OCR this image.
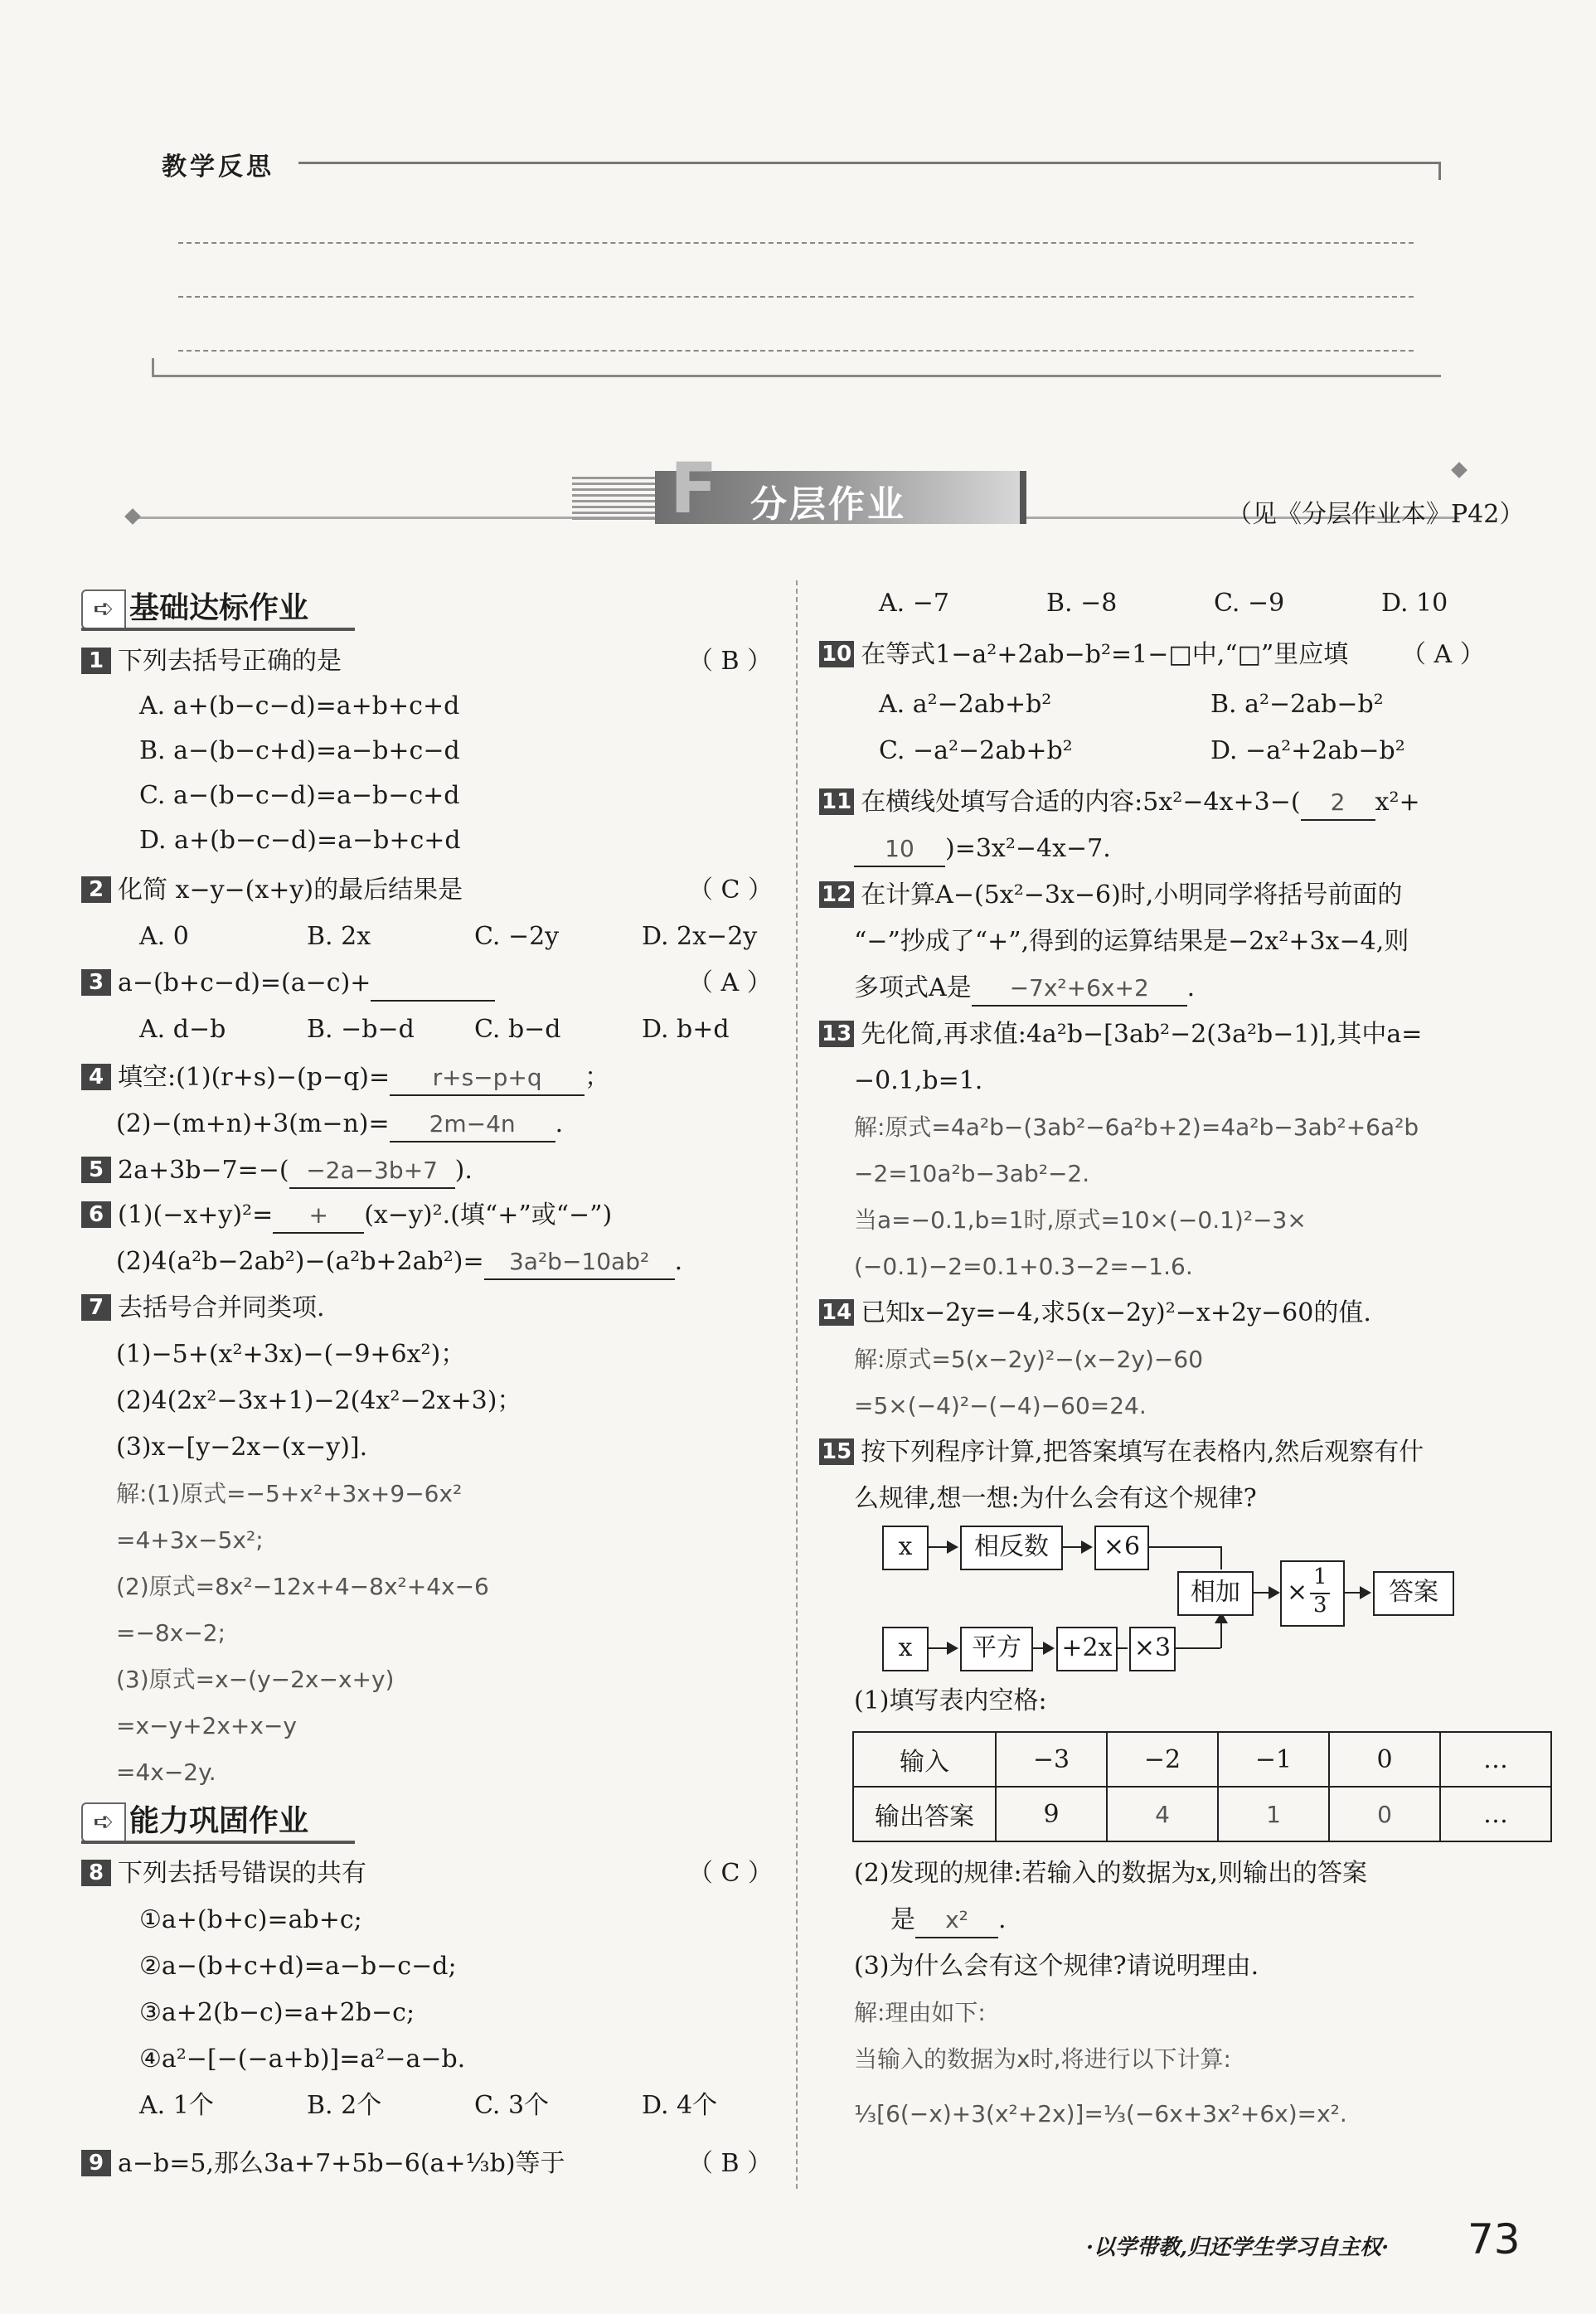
教学反思
F 分层作业	（见《分层作业本》P42）
➪ 基础达标作业
1 下列去括号正确的是	（ B ）
A. a+(b−c−d)=a+b+c+d
B. a−(b−c+d)=a−b+c−d
C. a−(b−c−d)=a−b−c+d
D. a+(b−c−d)=a−b+c+d
2 化简 x−y−(x+y)的最后结果是	（ C ）
A. 0	B. 2x	C. −2y	D. 2x−2y
3 a−(b+c−d)=(a−c)+	（ A ）
A. d−b	B. −b−d C. b−d	D. b+d
4 填空:(1)(r+s)−(p−q)= r+s−p+q ；
(2)−(m+n)+3(m−n)= 2m−4n .
5 2a+3b−7=−( −2a−3b+7 ).
6 (1)(−x+y)²= + (x−y)².(填“+”或“−”)
(2)4(a²b−2ab²)−(a²b+2ab²)= 3a²b−10ab² .
7 去括号合并同类项.
(1)−5+(x²+3x)−(−9+6x²)；
(2)4(2x²−3x+1)−2(4x²−2x+3)；
(3)x−[y−2x−(x−y)].
解:(1)原式=−5+x²+3x+9−6x²
=4+3x−5x²;
(2)原式=8x²−12x+4−8x²+4x−6
=−8x−2;
(3)原式=x−(y−2x−x+y)
=x−y+2x+x−y
=4x−2y.
➪ 能力巩固作业
8 下列去括号错误的共有	（ C ）
①a+(b+c)=ab+c;
②a−(b+c+d)=a−b−c−d;
③a+2(b−c)=a+2b−c;
④a²−[−(−a+b)]=a²−a−b.
A. 1个	B. 2个	C. 3个	D. 4个
9 a−b=5,那么3a+7+5b−6(a+⅓b)等于	（ B ）
A. −7	B. −8	C. −9	D. 10
10 在等式1−a²+2ab−b²=1−□中,“□”里应填 （ A ）
A. a²−2ab+b²	B. a²−2ab−b²
C. −a²−2ab+b²	D. −a²+2ab−b²
11 在横线处填写合适的内容:5x²−4x+3−( 2 x²+
10 )=3x²−4x−7.
12 在计算A−(5x²−3x−6)时,小明同学将括号前面的
“−”抄成了“+”,得到的运算结果是−2x²+3x−4,则
多项式A是 −7x²+6x+2 .
13 先化简,再求值:4a²b−[3ab²−2(3a²b−1)],其中a=
−0.1,b=1.
解:原式=4a²b−(3ab²−6a²b+2)=4a²b−3ab²+6a²b
−2=10a²b−3ab²−2.
当a=−0.1,b=1时,原式=10×(−0.1)²−3×
(−0.1)−2=0.1+0.3−2=−1.6.
14 已知x−2y=−4,求5(x−2y)²−x+2y−60的值.
解:原式=5(x−2y)²−(x−2y)−60
=5×(−4)²−(−4)−60=24.
15 按下列程序计算,把答案填写在表格内,然后观察有什
么规律,想一想:为什么会有这个规律?
x	相反数	×6
x	平方	+2x ×3
相加	×
1
3	答案
(1)填写表内空格:
输入	−3	−2	−1	0	…
输出答案	9	4	1	0	…
(2)发现的规律:若输入的数据为x,则输出的答案
是 x² .
(3)为什么会有这个规律?请说明理由.
解:理由如下:
当输入的数据为x时,将进行以下计算:
⅓[6(−x)+3(x²+2x)]=⅓(−6x+3x²+6x)=x².
·以学带教,归还学生学习自主权· 73
